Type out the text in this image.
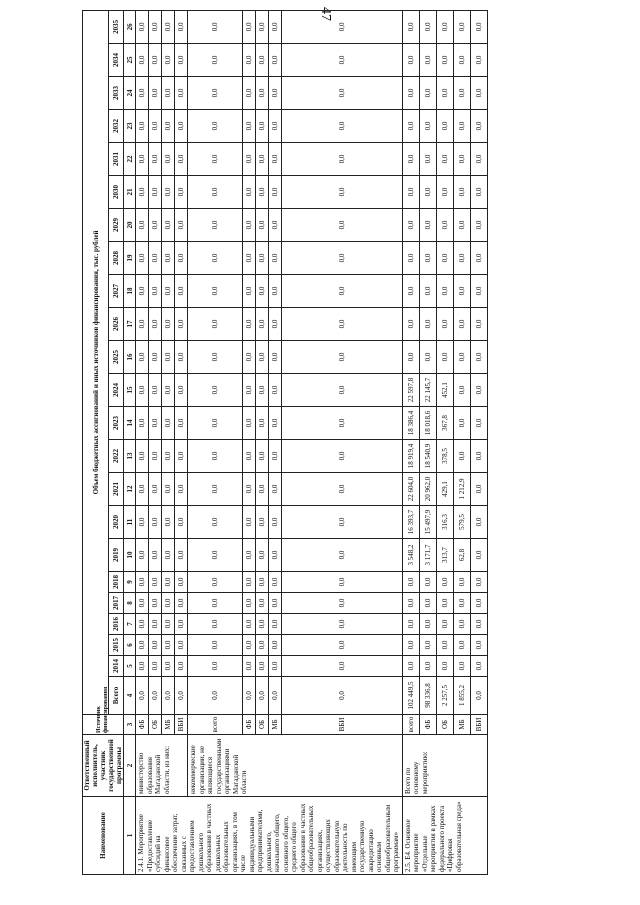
47
Наименование	Ответственный исполнитель, участник государственной программы	Источник финансирования	Объем бюджетных ассигнований и иных источников финансирования, тыс. рублей																						
			Всего	2014	2015	2016	2017	2018	2019	2020	2021	2022	2023	2024	2025	2026	2027	2028	2029	2030	2031	2032	2033	2034	2035
1	2	3	4	5	6	7	8	9	10	11	12	13	14	15	16	17	18	19	20	21	22	23	24	25	26
2.4.1. Мероприятие «Предоставление субсидий на финансовое обеспечение затрат, связанных с предоставлением дошкольного образования в частных дошкольных образовательных организациях, в том числе индивидуальными предпринимателями, дошкольного, начального общего, основного общего, среднего общего образования в частных общеобразовательных организациях, осуществляющих образовательную деятельность по имеющим государственную аккредитацию основным общеобразовательным программам»	министерство образования Магаданской области, из них:	ФБ	0,0	0,0	0,0	0,0	0,0	0,0	0,0	0,0	0,0	0,0	0,0	0,0	0,0	0,0	0,0	0,0	0,0	0,0	0,0	0,0	0,0	0,0	0,0
		ОБ	0,0	0,0	0,0	0,0	0,0	0,0	0,0	0,0	0,0	0,0	0,0	0,0	0,0	0,0	0,0	0,0	0,0	0,0	0,0	0,0	0,0	0,0	0,0
		МБ	0,0	0,0	0,0	0,0	0,0	0,0	0,0	0,0	0,0	0,0	0,0	0,0	0,0	0,0	0,0	0,0	0,0	0,0	0,0	0,0	0,0	0,0	0,0
		ВБИ	0,0	0,0	0,0	0,0	0,0	0,0	0,0	0,0	0,0	0,0	0,0	0,0	0,0	0,0	0,0	0,0	0,0	0,0	0,0	0,0	0,0	0,0	0,0
	некоммерческие организации, не являющиеся государственными организациями Магаданской области	всего	0,0	0,0	0,0	0,0	0,0	0,0	0,0	0,0	0,0	0,0	0,0	0,0	0,0	0,0	0,0	0,0	0,0	0,0	0,0	0,0	0,0	0,0	0,0
		ФБ	0,0	0,0	0,0	0,0	0,0	0,0	0,0	0,0	0,0	0,0	0,0	0,0	0,0	0,0	0,0	0,0	0,0	0,0	0,0	0,0	0,0	0,0	0,0
		ОБ	0,0	0,0	0,0	0,0	0,0	0,0	0,0	0,0	0,0	0,0	0,0	0,0	0,0	0,0	0,0	0,0	0,0	0,0	0,0	0,0	0,0	0,0	0,0
		МБ	0,0	0,0	0,0	0,0	0,0	0,0	0,0	0,0	0,0	0,0	0,0	0,0	0,0	0,0	0,0	0,0	0,0	0,0	0,0	0,0	0,0	0,0	0,0
		ВБИ	0,0	0,0	0,0	0,0	0,0	0,0	0,0	0,0	0,0	0,0	0,0	0,0	0,0	0,0	0,0	0,0	0,0	0,0	0,0	0,0	0,0	0,0	0,0
2.5. Е4. Основное мероприятие «Отдельные мероприятия в рамках федерального проекта «Цифровая образовательная среда»	Всего по основному мероприятию:	всего	102 449,5	0,0	0,0	0,0	0,0	0,0	3 548,2	16 393,7	22 604,0	18 919,4	18 386,4	22 597,8	0,0	0,0	0,0	0,0	0,0	0,0	0,0	0,0	0,0	0,0	0,0
		ФБ	98 336,8	0,0	0,0	0,0	0,0	0,0	3 171,7	15 497,9	20 962,0	18 540,9	18 018,6	22 145,7	0,0	0,0	0,0	0,0	0,0	0,0	0,0	0,0	0,0	0,0	0,0
		ОБ	2 257,5	0,0	0,0	0,0	0,0	0,0	313,7	316,3	429,1	378,5	367,8	452,1	0,0	0,0	0,0	0,0	0,0	0,0	0,0	0,0	0,0	0,0	0,0
		МБ	1 855,2	0,0	0,0	0,0	0,0	0,0	62,8	579,5	1 212,9	0,0	0,0	0,0	0,0	0,0	0,0	0,0	0,0	0,0	0,0	0,0	0,0	0,0	0,0
		ВБИ	0,0	0,0	0,0	0,0	0,0	0,0	0,0	0,0	0,0	0,0	0,0	0,0	0,0	0,0	0,0	0,0	0,0	0,0	0,0	0,0	0,0	0,0	0,0
